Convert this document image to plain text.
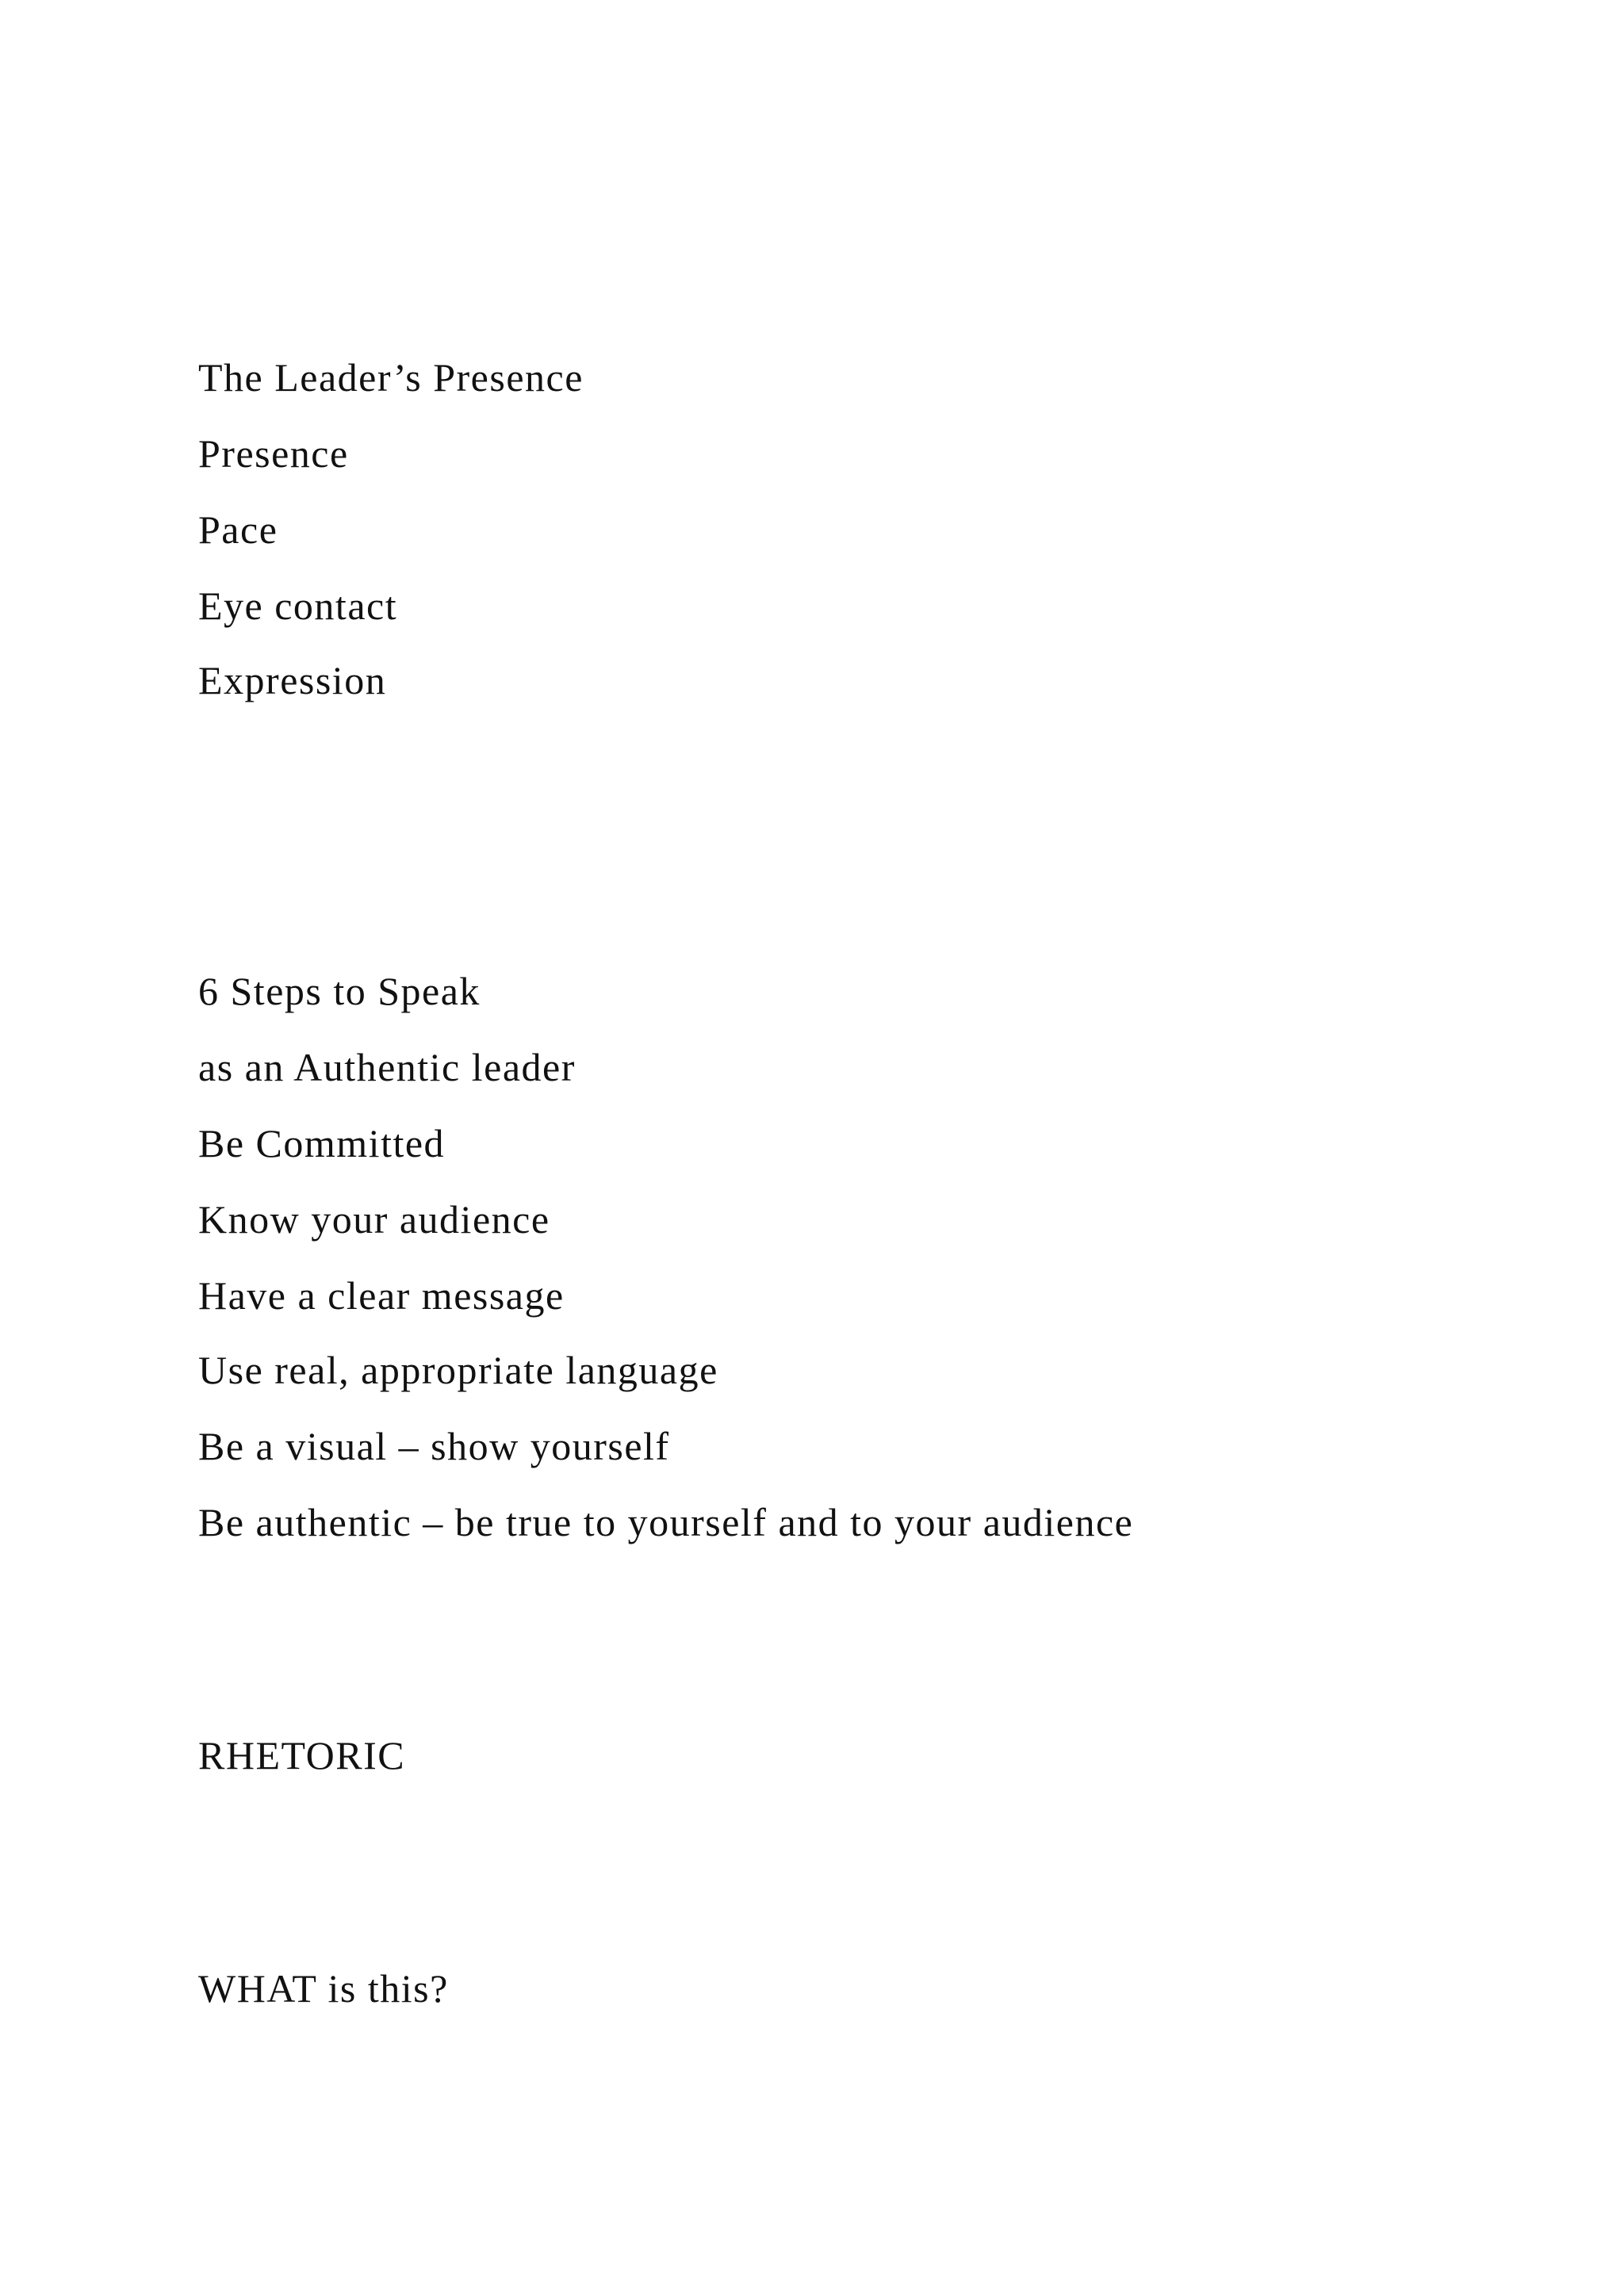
The Leader’s Presence

Presence

Pace

Eye contact

Expression

6 Steps to Speak

as an Authentic leader

Be Committed

Know your audience

Have a clear message

Use real, appropriate language

Be a visual – show yourself

Be authentic – be true to yourself and to your audience

RHETORIC

WHAT is this?
